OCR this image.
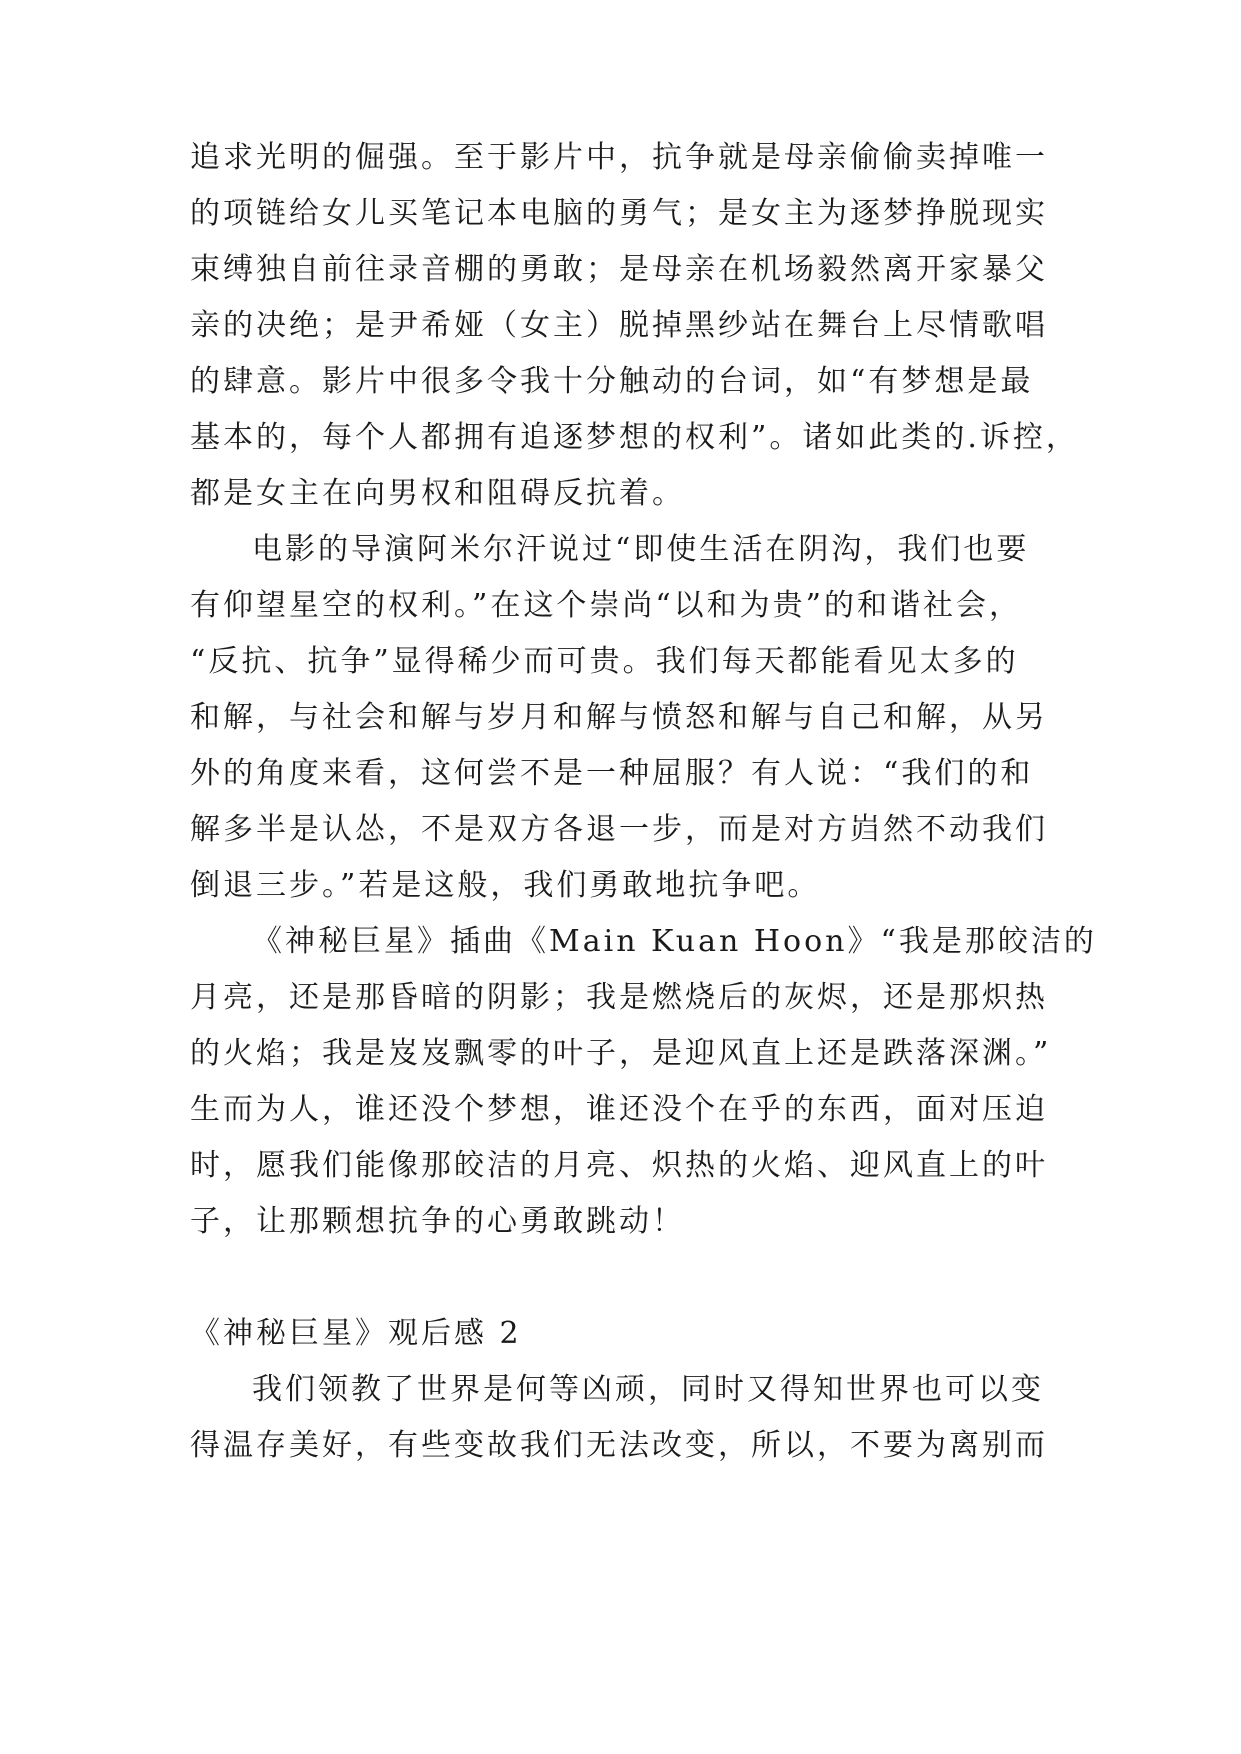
追求光明的倔强。至于影片中，抗争就是母亲偷偷卖掉唯一
的项链给女儿买笔记本电脑的勇气；是女主为逐梦挣脱现实
束缚独自前往录音棚的勇敢；是母亲在机场毅然离开家暴父
亲的决绝；是尹希娅（女主）脱掉黑纱站在舞台上尽情歌唱
的肆意。影片中很多令我十分触动的台词，如“有梦想是最
基本的，每个人都拥有追逐梦想的权利”。诸如此类的.诉控，
都是女主在向男权和阻碍反抗着。
电影的导演阿米尔汗说过“即使生活在阴沟，我们也要
有仰望星空的权利。”在这个崇尚“以和为贵”的和谐社会，
“反抗、抗争”显得稀少而可贵。我们每天都能看见太多的
和解，与社会和解与岁月和解与愤怒和解与自己和解，从另
外的角度来看，这何尝不是一种屈服？有人说：“我们的和
解多半是认怂，不是双方各退一步，而是对方岿然不动我们
倒退三步。”若是这般，我们勇敢地抗争吧。
《神秘巨星》插曲《Main Kuan Hoon》“我是那皎洁的
月亮，还是那昏暗的阴影；我是燃烧后的灰烬，还是那炽热
的火焰；我是岌岌飘零的叶子，是迎风直上还是跌落深渊。”
生而为人，谁还没个梦想，谁还没个在乎的东西，面对压迫
时，愿我们能像那皎洁的月亮、炽热的火焰、迎风直上的叶
子，让那颗想抗争的心勇敢跳动！
《神秘巨星》观后感 2
我们领教了世界是何等凶顽，同时又得知世界也可以变
得温存美好，有些变故我们无法改变，所以，不要为离别而
